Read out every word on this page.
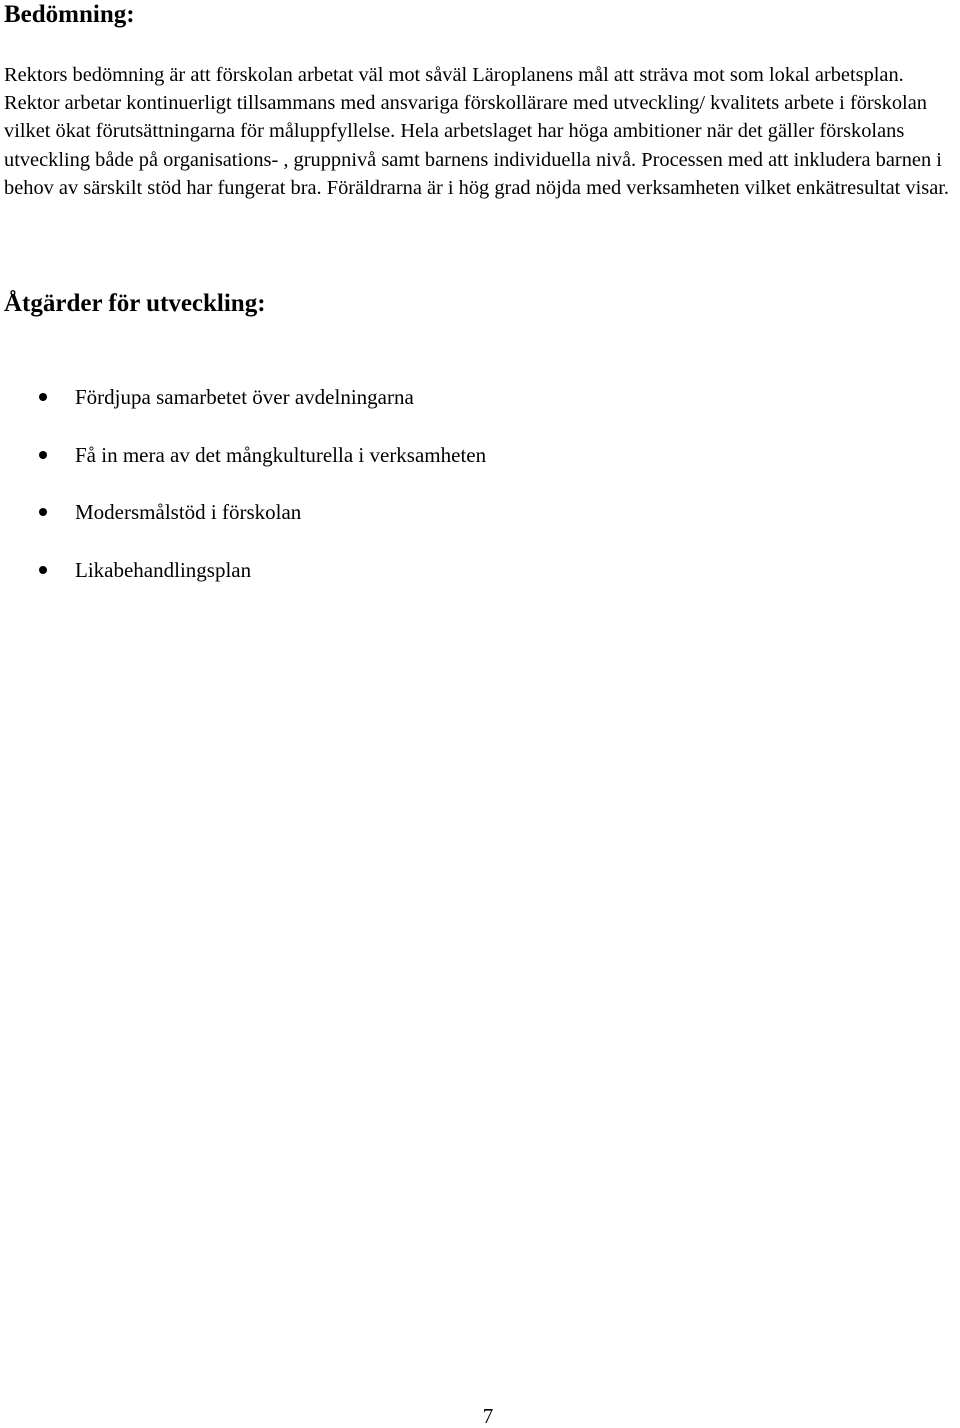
Bedömning:

Rektors bedömning är att förskolan arbetat väl mot såväl Läroplanens mål att sträva mot som lokal arbetsplan. Rektor arbetar kontinuerligt tillsammans med ansvariga förskollärare med utveckling/ kvalitets arbete i förskolan vilket ökat förutsättningarna för måluppfyllelse. Hela arbetslaget har höga ambitioner när det gäller förskolans utveckling både på organisations- , gruppnivå samt barnens individuella nivå. Processen med att inkludera barnen i behov av särskilt stöd har fungerat bra. Föräldrarna är i hög grad nöjda med verksamheten vilket enkätresultat visar.

Åtgärder för utveckling:
Fördjupa samarbetet över avdelningarna
Få in mera av det mångkulturella i verksamheten
Modersmålstöd i förskolan
Likabehandlingsplan
7
